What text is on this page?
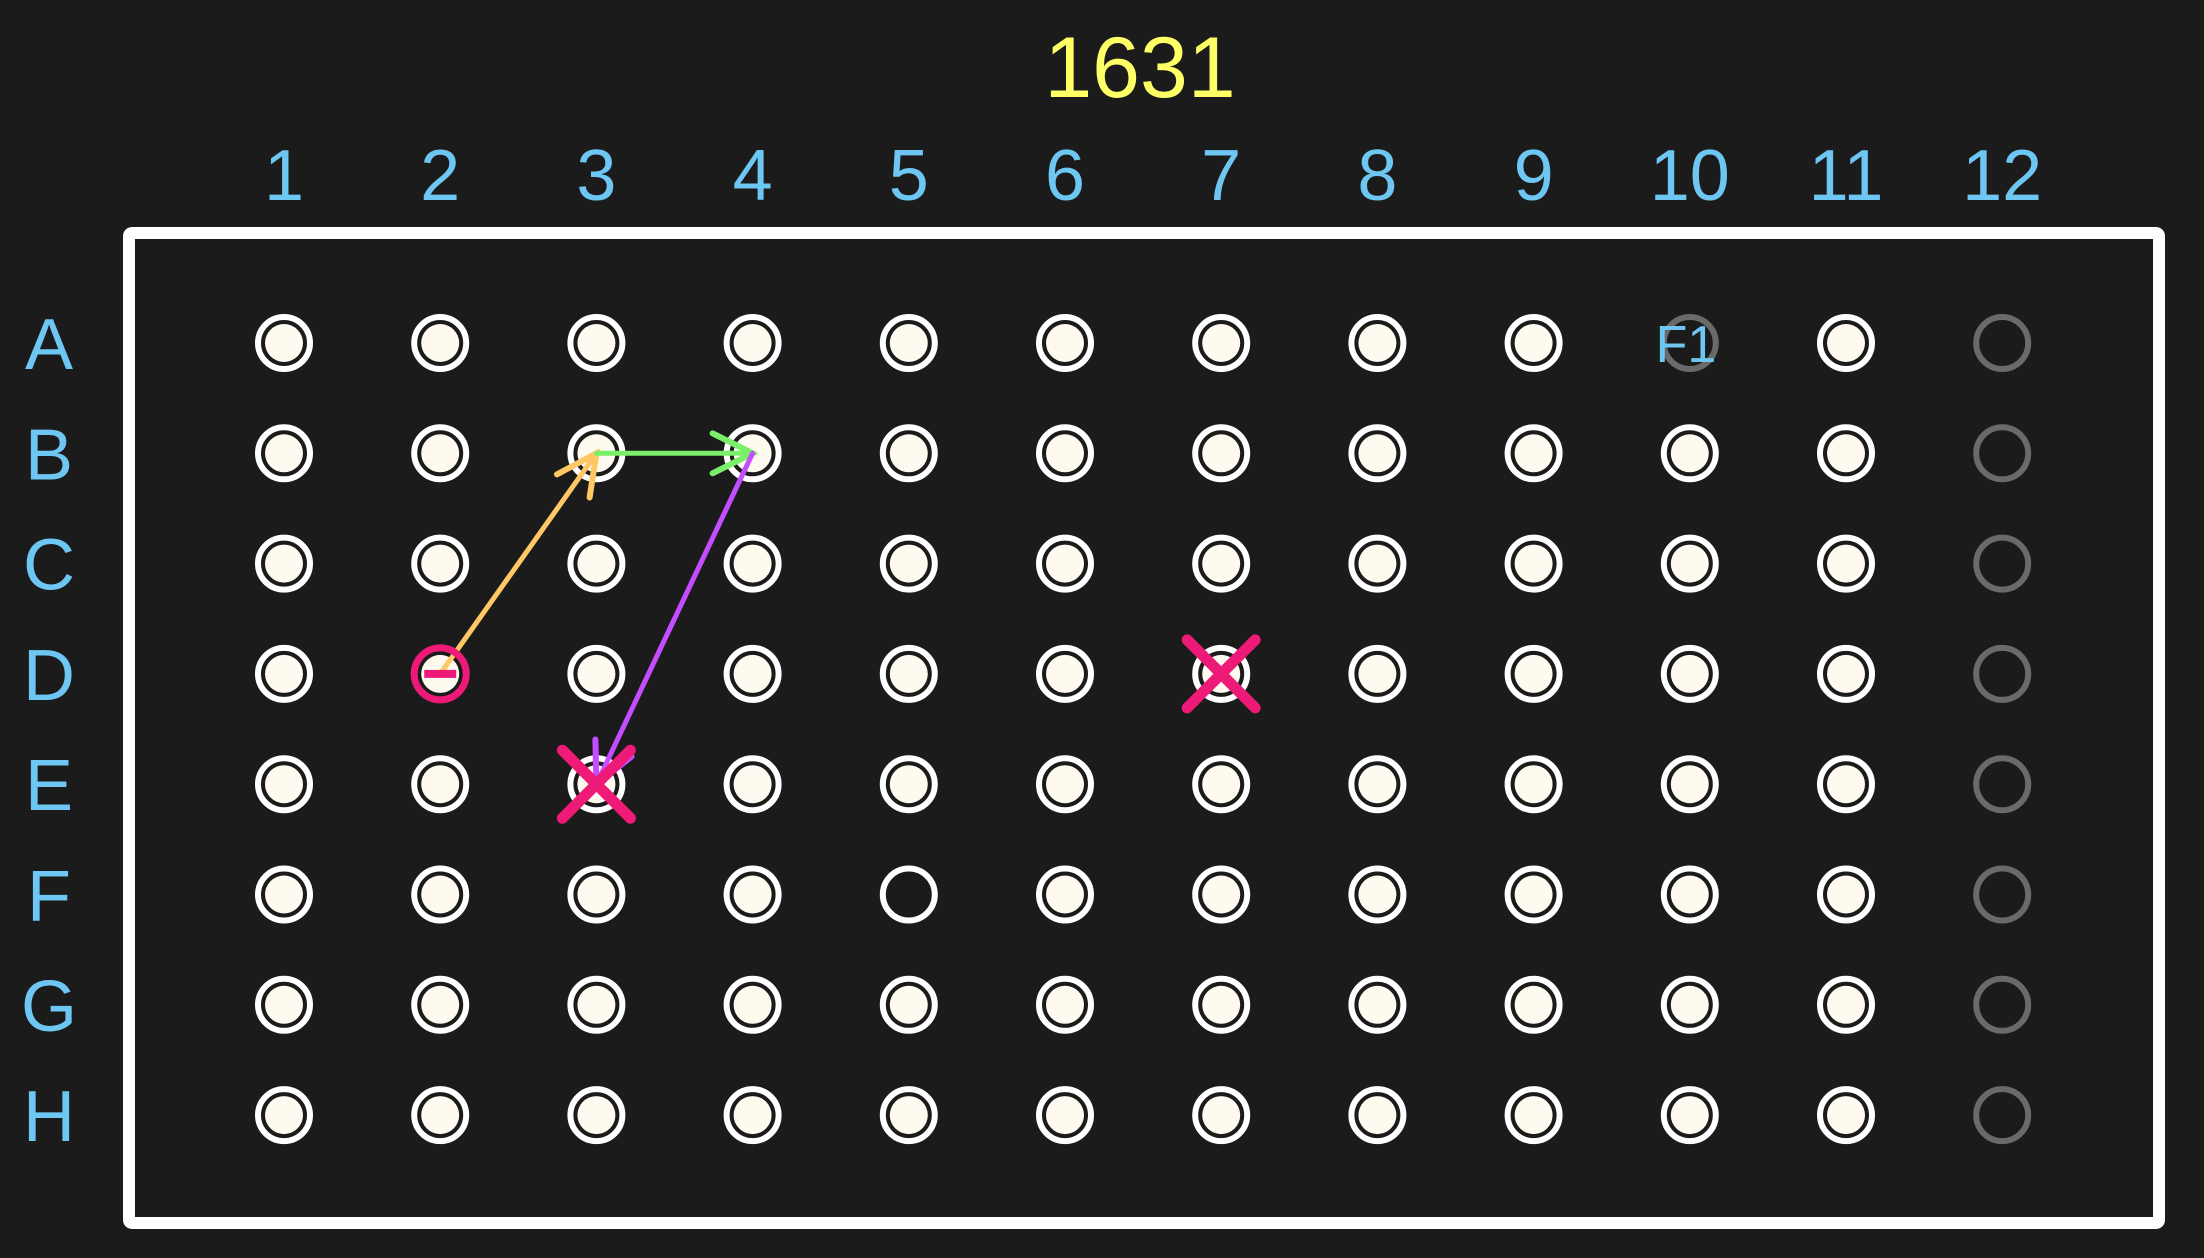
1631
1 2 3 4 5 6 7 8 9 10 11 12
A
B
C
D
E
F
G
H
F1
